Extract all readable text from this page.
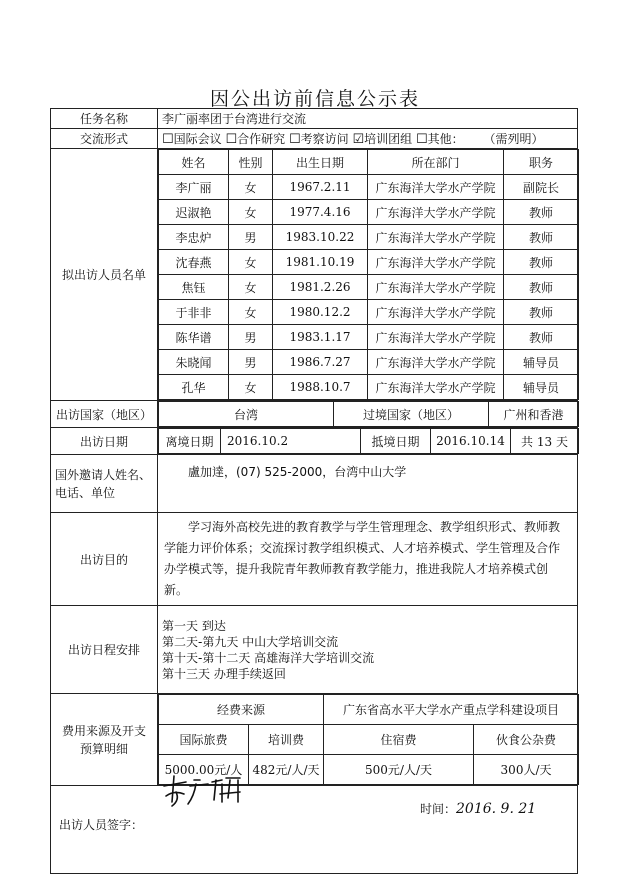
因公出访前信息公示表
任务名称	李广丽率团于台湾进行交流
交流形式	☐国际会议 ☐合作研究 ☐考察访问 ☑培训团组 ☐其他： （需列明）
拟出访人员名单	
姓名	性别	出生日期	所在部门	职务
李广丽	女	1967.2.11	广东海洋大学水产学院	副院长
迟淑艳	女	1977.4.16	广东海洋大学水产学院	教师
李忠炉	男	1983.10.22	广东海洋大学水产学院	教师
沈春燕	女	1981.10.19	广东海洋大学水产学院	教师
焦钰	女	1981.2.26	广东海洋大学水产学院	教师
于非非	女	1980.12.2	广东海洋大学水产学院	教师
陈华谱	男	1983.1.17	广东海洋大学水产学院	教师
朱晓闻	男	1986.7.27	广东海洋大学水产学院	辅导员
孔华	女	1988.10.7	广东海洋大学水产学院	辅导员

出访国家（地区）		台湾	过境国家（地区）	广州和香港

出访日期		离境日期	2016.10.2	抵境日期	2016.10.14	共 13 天

国外邀请人姓名、
电话、单位
	盧加達，(07) 525-2000，台湾中山大学
出访目的	学习海外高校先进的教育教学与学生管理理念、教学组织形式、教师教学能力评价体系；交流探讨教学组织模式、人才培养模式、学生管理及合作办学模式等，提升我院青年教师教育教学能力，推进我院人才培养模式创新。
出访日程安排	
第一天 到达
第二天-第九天 中山大学培训交流
第十天-第十二天 高雄海洋大学培训交流
第十三天 办理手续返回

费用来源及开支
预算明细

经费来源	广东省高水平大学水产重点学科建设项目
国际旅费	培训费	住宿费	伙食公杂费
5000.00元/人	482元/人/天	500元/人/天	300人/天

出访人员签字：
时间：2016. 9. 21
